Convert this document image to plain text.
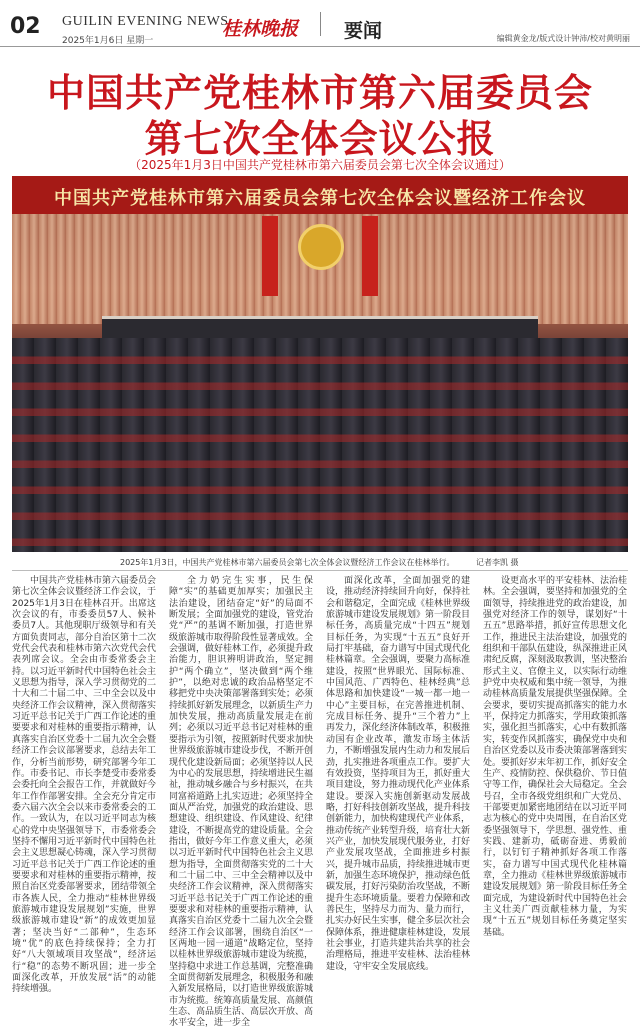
02 GUILIN EVENING NEWS
2025年1月6日 星期一
桂林晚报 要闻	编辑黄金龙/版式设计钟沛/校对黄明丽
中国共产党桂林市第六届委员会
第七次全体会议公报
（2025年1月3日中国共产党桂林市第六届委员会第七次全体会议通过）
中国共产党桂林市第六届委员会第七次全体会议暨经济工作会议
2025年1月3日，中国共产党桂林市第六届委员会第七次全体会议暨经济工作会议在桂林举行。	记者李凯 摄

中国共产党桂林市第六届委员会第七次全体会议暨经济工作会议，于2025年1月3日在桂林召开。出席这次会议的有，市委委员57人、候补委员7人。其他现职厅级领导和有关方面负责同志，部分自治区第十二次党代会代表和桂林市第六次党代会代表列席会议。全会由市委常委会主持。以习近平新时代中国特色社会主义思想为指导，深入学习贯彻党的二十大和二十届二中、三中全会以及中央经济工作会议精神，深入贯彻落实习近平总书记关于广西工作论述的重要要求和对桂林的重要指示精神，认真落实自治区党委十二届九次全会暨经济工作会议部署要求，总结去年工作，分析当前形势，研究部署今年工作。市委书记、市长李楚受市委常委会委托向全会报告工作，并就做好今年工作作部署安排。全会充分肯定市委六届六次全会以来市委常委会的工作。一致认为，在以习近平同志为核心的党中央坚强领导下，市委常委会坚持不懈用习近平新时代中国特色社会主义思想凝心铸魂，深入学习贯彻习近平总书记关于广西工作论述的重要要求和对桂林的重要指示精神，按照自治区党委部署要求，团结带领全市各族人民，全力推动“桂林世界级旅游城市建设发展规划”实施，世界级旅游城市建设“新”的成效更加显著；坚决当好“二部种”，生态环境“优”的底色持续保持；全力打好“八大领域项目攻坚战”，经济运行“稳”的态势不断巩固；进一步全面深化改革，开放发展“活”的动能持续增强。

全力奶完生实事，民生保障“实”的基础更加厚实；加强民主法治建设，团结奋定“好”的局面不断发展；全面加强党的建设，管党治党“严”的基调不断加强，打造世界级旅游城市取得阶段性显著成效。全会强调，做好桂林工作，必须提升政治能力，胆识辨明讲政治，坚定拥护“两个确立”，坚决做到“两个维护”，以绝对忠诚的政治品格坚定不移把党中央决策部署落到实处；必须持续抓好新发展理念，以新质生产力加快发展，推动高质量发展走在前列；必须以习近平总书记对桂林的重要指示为引领，按照新时代要求加快世界级旅游城市建设步伐，不断开创现代化建设新局面；必须坚持以人民为中心的发展思想，持续增进民生福祉，推动城乡融合与乡村振兴，在共同富裕道路上扎实迈进；必须坚持全面从严治党，加强党的政治建设、思想建设、组织建设、作风建设、纪律建设，不断提高党的建设质量。全会指出，做好今年工作意义重大，必须以习近平新时代中国特色社会主义思想为指导，全面贯彻落实党的二十大和二十届二中、三中全会精神以及中央经济工作会议精神，深入贯彻落实习近平总书记关于广西工作论述的重要要求和对桂林的重要指示精神，认真落实自治区党委十二届九次全会暨经济工作会议部署，围绕自治区“一区两地一园一通道”战略定位，坚持以桂林世界级旅游城市建设为统揽，坚持稳中求进工作总基调，完整准确全面贯彻新发展理念，积极服务和融入新发展格局，以打造世界级旅游城市为统揽。统筹高质量发展、高颜值生态、高品质生活、高层次开放、高水平安全，进一步全

面深化改革，全面加强党的建设，推动经济持续回升向好，保持社会和谐稳定，全面完成《桂林世界级旅游城市建设发展规划》第一阶段目标任务，高质量完成“十四五”规划目标任务，为实现“十五五”良好开局打牢基础，奋力谱写中国式现代化桂林篇章。全会强调，要聚力高标准建设，按照“世界眼光、国际标准、中国风范、广西特色、桂林经典”总体思路和加快建设“一城一都一地一中心”主要目标，在完善推进机制、完成目标任务、提升“三个着力”上再发力，深化经济体制改革，积极推动国有企业改革，激发市场主体活力，不断增强发展内生动力和发展后劲，扎实推进各项重点工作。要扩大有效投资，坚持项目为王，抓好重大项目建设，努力推动现代化产业体系建设。要深入实施创新驱动发展战略，打好科技创新攻坚战，提升科技创新能力，加快构建现代产业体系，推动传统产业转型升级，培育壮大新兴产业，加快发展现代服务业，打好产业发展攻坚战，全面推进乡村振兴，提升城市品质，持续推进城市更新，加强生态环境保护，推动绿色低碳发展，打好污染防治攻坚战，不断提升生态环境质量。要着力保障和改善民生，坚持尽力而为、量力而行，扎实办好民生实事，健全多层次社会保障体系，推进健康桂林建设，发展社会事业，打造共建共治共享的社会治理格局，推进平安桂林、法治桂林建设，守牢安全发展底线。

设更高水平的平安桂林、法治桂林。全会强调，要坚持和加强党的全面领导，持续推进党的政治建设，加强党对经济工作的领导，谋划好“十五五”思路举措，抓好宣传思想文化工作，推进民主法治建设，加强党的组织和干部队伍建设，纵深推进正风肃纪反腐，深刻汲取教训，坚决整治形式主义、官僚主义，以实际行动维护党中央权威和集中统一领导，为推动桂林高质量发展提供坚强保障。全会要求，要切实提高抓落实的能力水平，保持定力抓落实，学用政策抓落实，强化担当抓落实，心中有数抓落实，转变作风抓落实，确保党中央和自治区党委以及市委决策部署落到实处。要抓好岁末年初工作，抓好安全生产、疫情防控、保供稳价、节日值守等工作，确保社会大局稳定。全会号召，全市各级党组织和广大党员、干部要更加紧密地团结在以习近平同志为核心的党中央周围，在自治区党委坚强领导下，学思想、强党性、重实践、建新功，砥砺奋进、勇毅前行，以钉钉子精神抓好各项工作落实，奋力谱写中国式现代化桂林篇章，全力推动《桂林世界级旅游城市建设发展规划》第一阶段目标任务全面完成，为建设新时代中国特色社会主义壮美广西贡献桂林力量，为实现“十五五”规划目标任务奠定坚实基础。
